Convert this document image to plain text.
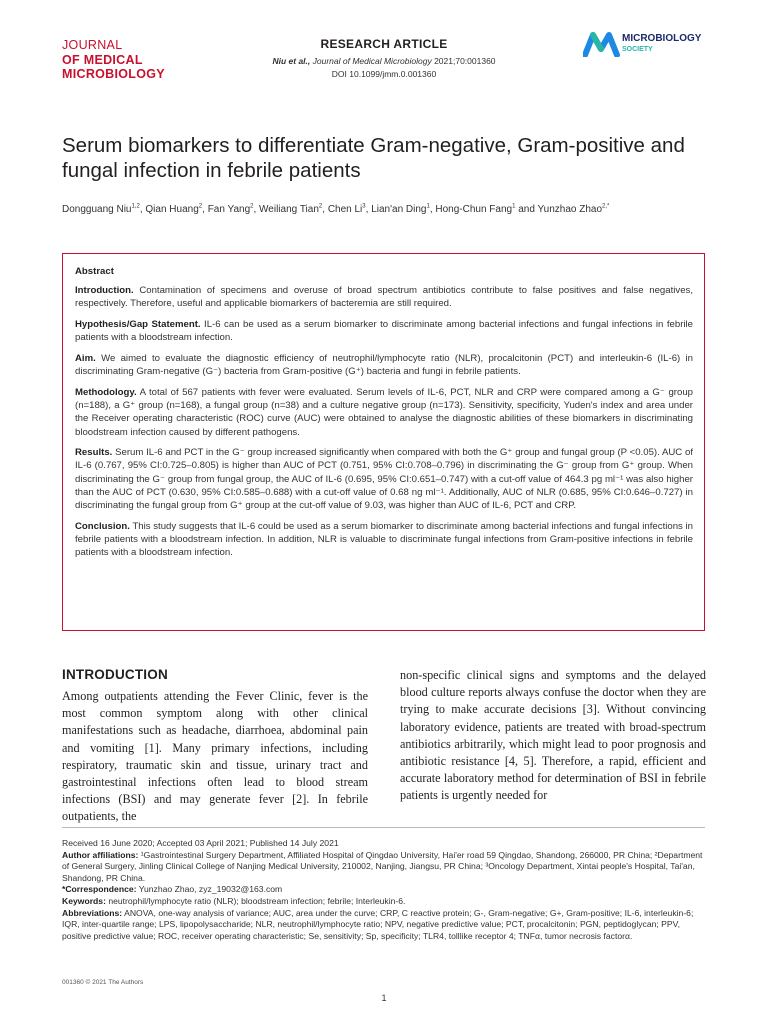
JOURNAL
OF MEDICAL
MICROBIOLOGY
RESEARCH ARTICLE
Niu et al., Journal of Medical Microbiology 2021;70:001360
DOI 10.1099/jmm.0.001360
MICROBIOLOGY
SOCIETY
Serum biomarkers to differentiate Gram-negative, Gram-positive and fungal infection in febrile patients
Dongguang Niu$^{1,2}$, Qian Huang$^2$, Fan Yang$^2$, Weiliang Tian$^2$, Chen Li$^3$, Lian'an Ding$^1$, Hong-Chun Fang$^1$ and Yunzhao Zhao$^{2,*}$
Abstract

Introduction. Contamination of specimens and overuse of broad spectrum antibiotics contribute to false positives and false negatives, respectively. Therefore, useful and applicable biomarkers of bacteremia are still required.

Hypothesis/Gap Statement. IL-6 can be used as a serum biomarker to discriminate among bacterial infections and fungal infections in febrile patients with a bloodstream infection.

Aim. We aimed to evaluate the diagnostic efficiency of neutrophil/lymphocyte ratio (NLR), procalcitonin (PCT) and interleukin-6 (IL-6) in discriminating Gram-negative (G⁻) bacteria from Gram-positive (G⁺) bacteria and fungi in febrile patients.

Methodology. A total of 567 patients with fever were evaluated. Serum levels of IL-6, PCT, NLR and CRP were compared among a G⁻ group (n=188), a G⁺ group (n=168), a fungal group (n=38) and a culture negative group (n=173). Sensitivity, specificity, Yuden's index and area under the Receiver operating characteristic (ROC) curve (AUC) were obtained to analyse the diagnostic abilities of these biomarkers in discriminating bloodstream infection caused by different pathogens.

Results. Serum IL-6 and PCT in the G⁻ group increased significantly when compared with both the G⁺ group and fungal group (P <0.05). AUC of IL-6 (0.767, 95% CI:0.725–0.805) is higher than AUC of PCT (0.751, 95% CI:0.708–0.796) in discriminating the G⁻ group from G⁺ group. When discriminating the G⁻ group from fungal group, the AUC of IL-6 (0.695, 95% CI:0.651–0.747) with a cut-off value of 464.3 pg ml⁻¹ was also higher than the AUC of PCT (0.630, 95% CI:0.585–0.688) with a cut-off value of 0.68 ng ml⁻¹. Additionally, AUC of NLR (0.685, 95% CI:0.646–0.727) in discriminating the fungal group from G⁺ group at the cut-off value of 9.03, was higher than AUC of IL-6, PCT and CRP.

Conclusion. This study suggests that IL-6 could be used as a serum biomarker to discriminate among bacterial infections and fungal infections in febrile patients with a bloodstream infection. In addition, NLR is valuable to discriminate fungal infections from Gram-positive infections in febrile patients with a bloodstream infection.

INTRODUCTION

Among outpatients attending the Fever Clinic, fever is the most common symptom along with other clinical manifestations such as headache, diarrhoea, abdominal pain and vomiting [1]. Many primary infections, including respiratory, traumatic skin and tissue, urinary tract and gastrointestinal infections often lead to blood stream infections (BSI) and may generate fever [2]. In febrile outpatients, the

non-specific clinical signs and symptoms and the delayed blood culture reports always confuse the doctor when they are trying to make accurate decisions [3]. Without convincing laboratory evidence, patients are treated with broad-spectrum antibiotics arbitrarily, which might lead to poor prognosis and antibiotic resistance [4, 5]. Therefore, a rapid, efficient and accurate laboratory method for determination of BSI in febrile patients is urgently needed for

Received 16 June 2020; Accepted 03 April 2021; Published 14 July 2021
Author affiliations: ¹Gastrointestinal Surgery Department, Affiliated Hospital of Qingdao University, Hai'er road 59 Qingdao, Shandong, 266000, PR China; ²Department of General Surgery, Jinling Clinical College of Nanjing Medical University, 210002, Nanjing, Jiangsu, PR China; ³Oncology Department, Xintai people's Hospital, Tai'an, Shandong, PR China.
*Correspondence: Yunzhao Zhao, zyz_19032@163.com
Keywords: neutrophil/lymphocyte ratio (NLR); bloodstream infection; febrile; Interleukin-6.
Abbreviations: ANOVA, one-way analysis of variance; AUC, area under the curve; CRP, C reactive protein; G-, Gram-negative; G+, Gram-positive; IL-6, interleukin-6; IQR, inter-quartile range; LPS, lipopolysaccharide; NLR, neutrophil/lymphocyte ratio; NPV, negative predictive value; PCT, procalcitonin; PGN, peptidoglycan; PPV, positive predictive value; ROC, receiver operating characteristic; Se, sensitivity; Sp, specificity; TLR4, tolllike receptor 4; TNFα, tumor necrosis factorα.
001360 © 2021 The Authors
1
